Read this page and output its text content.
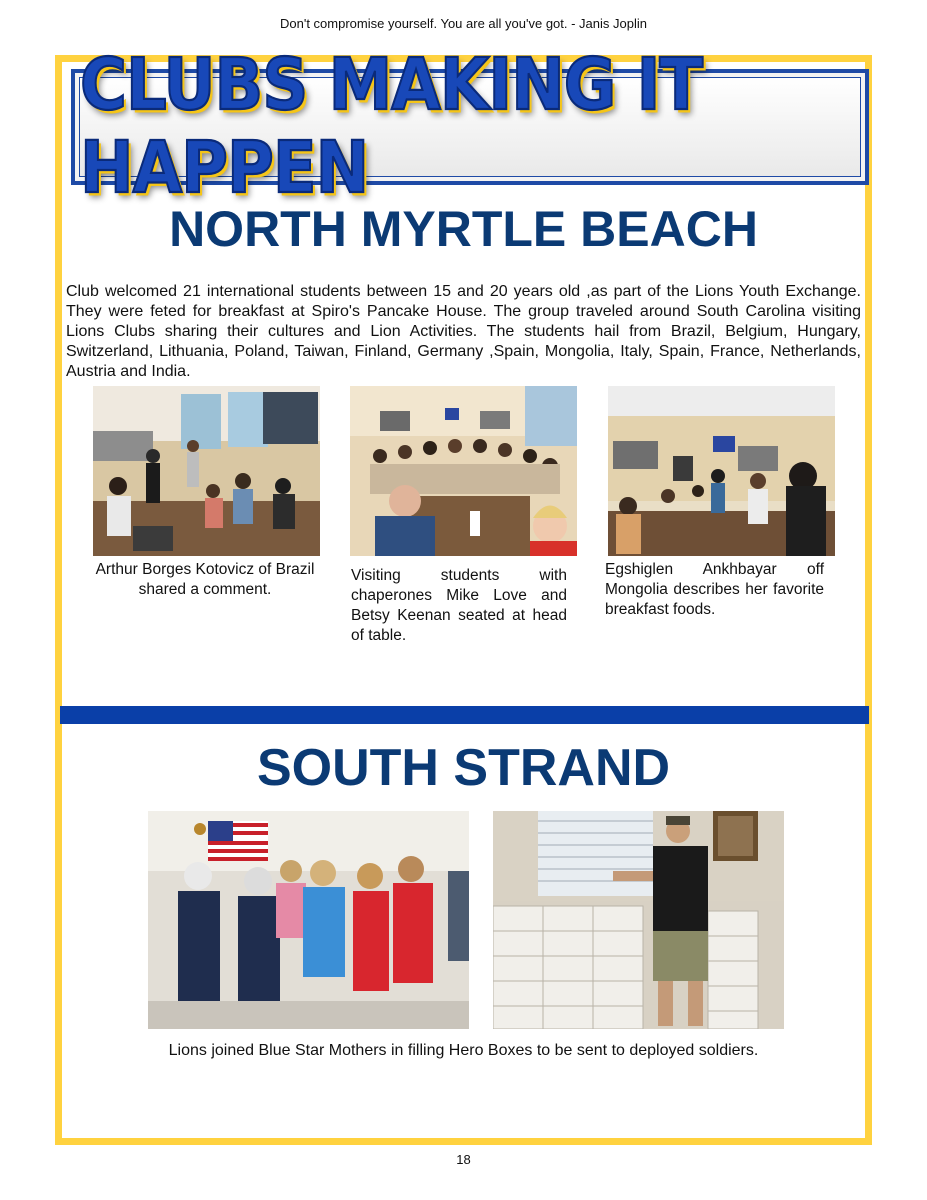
Don't compromise yourself. You are all you've got. - Janis Joplin
CLUBS MAKING IT HAPPEN
NORTH MYRTLE BEACH
Club welcomed 21 international students between 15 and 20 years old ,as part of the Lions Youth Exchange. They were feted for breakfast at Spiro's Pancake House. The group traveled around South Carolina visiting Lions Clubs sharing their cultures and Lion Activities. The students hail from Brazil, Belgium, Hungary, Switzerland, Lithuania, Poland, Taiwan, Finland, Germany ,Spain, Mongolia, Italy, Spain, France, Netherlands, Austria and India.
Arthur Borges Kotovicz of Brazil shared a comment.
Visiting students with chaperones Mike Love and Betsy Keenan seated at head of table.
Egshiglen Ankhbayar off Mongolia describes her favorite breakfast foods.
SOUTH STRAND
Lions joined Blue Star Mothers in filling Hero Boxes to be sent to deployed soldiers.
18
